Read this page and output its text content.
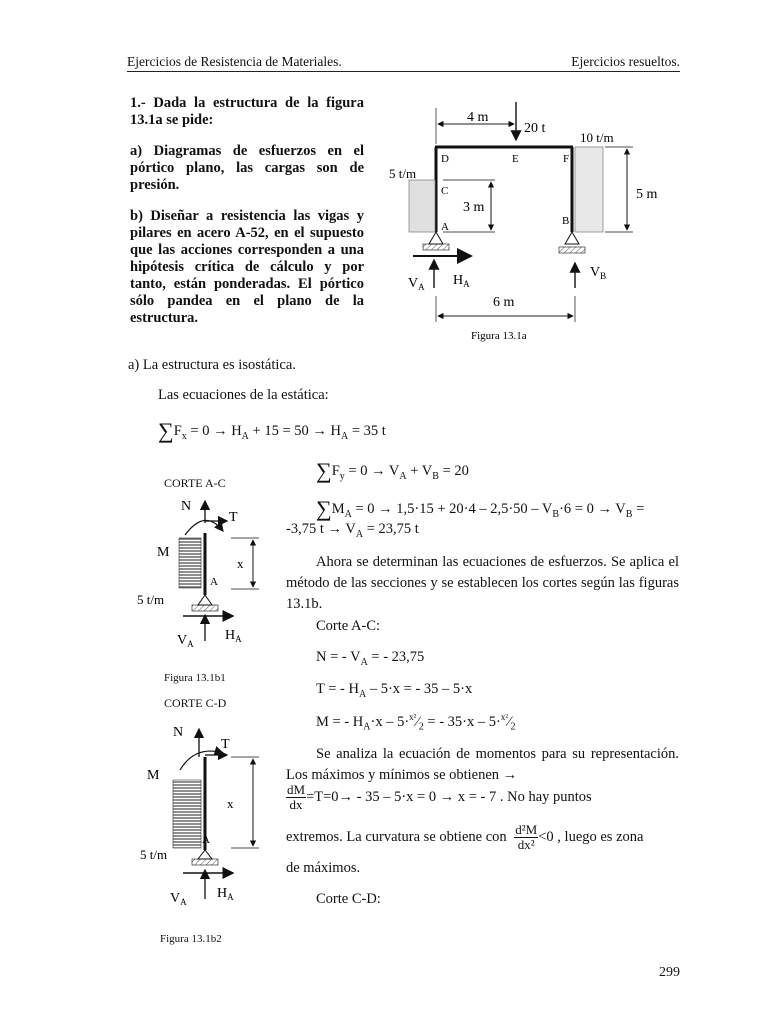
Ejercicios de Resistencia de Materiales.	Ejercicios resueltos.
1.- Dada la estructura de la figura 13.1a se pide:
a) Diagramas de esfuerzos en el pórtico plano, las cargas son de presión.
b) Diseñar a resistencia las vigas y pilares en acero A-52, en el supuesto que las acciones corresponden a una hipótesis crítica de cálculo y por tanto, están ponderadas. El pórtico sólo pandea en el plano de la estructura.
4 m
20 t
10 t/m
5 m
3 m
5 t/m
D	E	F
C
A	B
$V_A$ $H_A$
$V_B$
6 m
Figura 13.1a
a) La estructura es isostática.
Las ecuaciones de la estática:
$\sum F_x = 0 \to H_A + 15 = 50 \to H_A = 35$ t
$\sum F_y = 0 \to V_A + V_B = 20$
$\sum M_A = 0 \to 1,5\cdot 15 + 20\cdot 4 - 2,5\cdot 50 - V_B\cdot 6 = 0 \to V_B$ =
-3,75 $t \to V_A = 23,75$ t
Ahora se determinan las ecuaciones de esfuerzos. Se aplica el método de las secciones y se establecen los cortes según las figuras 13.1b.
Corte A-C:
N = - $V_A$ = - 23,75
T = - $H_A - 5\cdot x$ = - 35 – 5·x
M = - $H_A\cdot x$ – $5\cdot^{x^2}⁄_2$ = - $35\cdot x - 5\cdot^{x^2}⁄_2$
Se analiza la ecuación de momentos para su representación. Los máximos y mínimos se obtienen →
$\frac{dM}{dx} =T=0\to - 35 - 5\cdot x = 0 \to x$ = - 7 . No hay puntos
extremos. La curvatura se obtiene con $\frac{\text{d²M}}{\text{dx²}} <0$ , luego es zona
de máximos.
Corte C-D:
CORTE A-C
N
T
M
x
A
5 t/m
$V_A$
$H_A$
Figura 13.1b1
CORTE C-D
N
T
M
x
A
5 t/m
$V_A$
$H_A$
Figura 13.1b2
299
